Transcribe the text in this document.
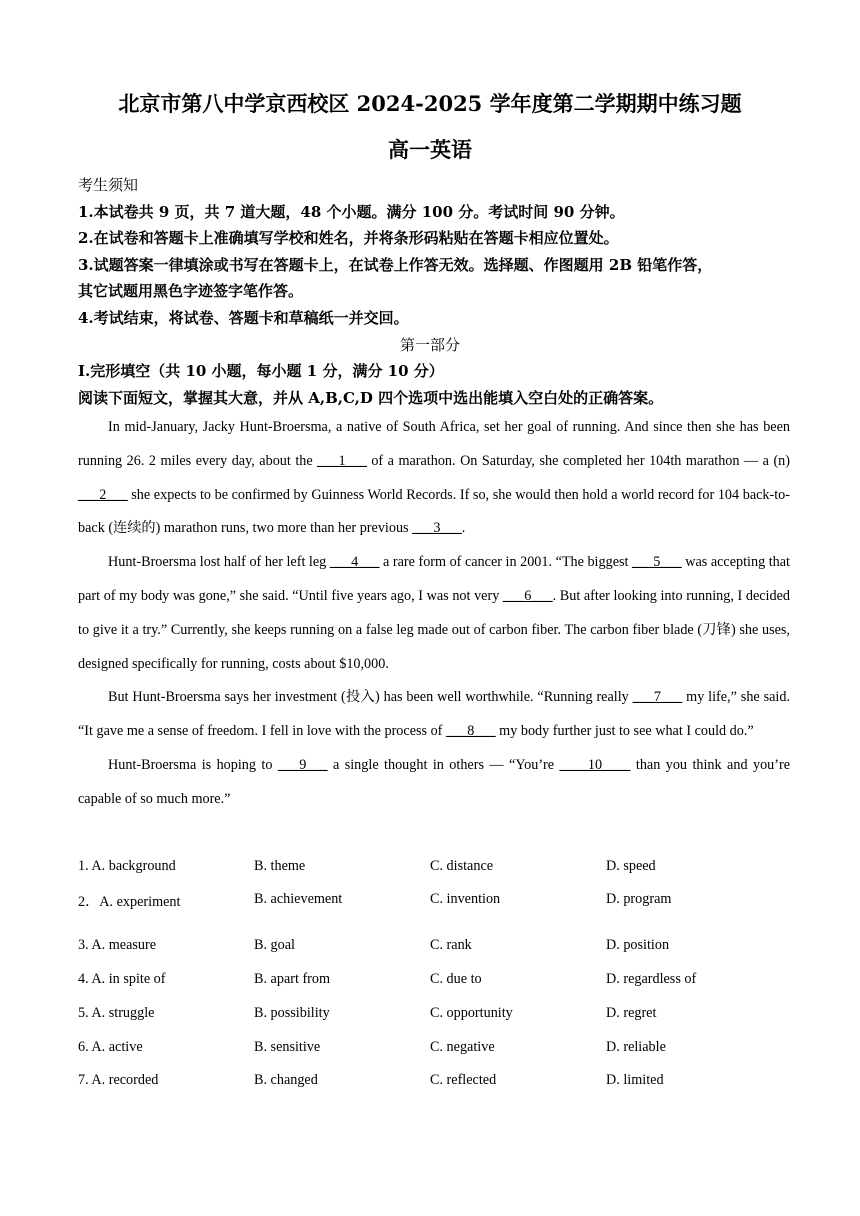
北京市第八中学京西校区 2024-2025 学年度第二学期期中练习题
高一英语
考生须知
1.本试卷共 9 页，共 7 道大题，48 个小题。满分 100 分。考试时间 90 分钟。
2.在试卷和答题卡上准确填写学校和姓名，并将条形码粘贴在答题卡相应位置处。
3.试题答案一律填涂或书写在答题卡上，在试卷上作答无效。选择题、作图题用 2B 铅笔作答，
其它试题用黑色字迹签字笔作答。
4.考试结束，将试卷、答题卡和草稿纸一并交回。
第一部分
Ⅰ.完形填空（共 10 小题，每小题 1 分，满分 10 分）
阅读下面短文，掌握其大意，并从 A,B,C,D 四个选项中选出能填入空白处的正确答案。

In mid-January, Jacky Hunt-Broersma, a native of South Africa, set her goal of running. And since then she has been running 26. 2 miles every day, about the ___1___ of a marathon. On Saturday, she completed her 104th marathon — a (n) ___2___ she expects to be confirmed by Guinness World Records. If so, she would then hold a world record for 104 back-to-back (连续的) marathon runs, two more than her previous ___3___.

Hunt-Broersma lost half of her left leg ___4___ a rare form of cancer in 2001. “The biggest ___5___ was accepting that part of my body was gone,” she said. “Until five years ago, I was not very ___6___. But after looking into running, I decided to give it a try.” Currently, she keeps running on a false leg made out of carbon fiber. The carbon fiber blade (刀锋) she uses, designed specifically for running, costs about $10,000.

But Hunt-Broersma says her investment (投入) has been well worthwhile. “Running really ___7___ my life,” she said. “It gave me a sense of freedom. I fell in love with the process of ___8___ my body further just to see what I could do.”

Hunt-Broersma is hoping to ___9___ a single thought in others — “You’re ____10____ than you think and you’re capable of so much more.”

1. A. background	B. theme	C. distance	D. speed
2．A. experiment	B. achievement	C. invention	D. program
3. A. measure	B. goal	C. rank	D. position
4. A. in spite of	B. apart from	C. due to	D. regardless of
5. A. struggle	B. possibility	C. opportunity	D. regret
6. A. active	B. sensitive	C. negative	D. reliable
7. A. recorded	B. changed	C. reflected	D. limited
